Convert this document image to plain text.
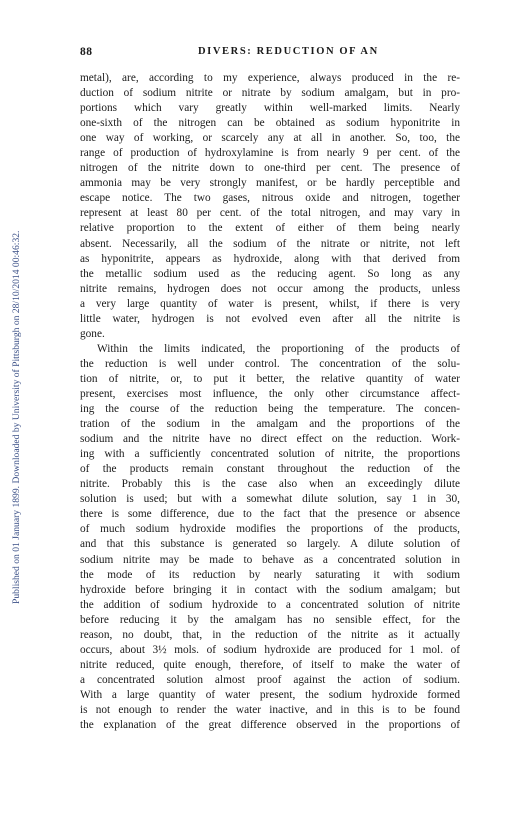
88	DIVERS: REDUCTION OF AN
Published on 01 January 1899. Downloaded by University of Pittsburgh on 28/10/2014 00:46:32.
metal), are, according to my experience, always produced in the re-
duction of sodium nitrite or nitrate by sodium amalgam, but in pro-
portions which vary greatly within well-marked limits. Nearly
one-sixth of the nitrogen can be obtained as sodium hyponitrite in
one way of working, or scarcely any at all in another. So, too, the
range of production of hydroxylamine is from nearly 9 per cent. of the
nitrogen of the nitrite down to one-third per cent. The presence of
ammonia may be very strongly manifest, or be hardly perceptible and
escape notice. The two gases, nitrous oxide and nitrogen, together
represent at least 80 per cent. of the total nitrogen, and may vary in
relative proportion to the extent of either of them being nearly
absent. Necessarily, all the sodium of the nitrate or nitrite, not left
as hyponitrite, appears as hydroxide, along with that derived from
the metallic sodium used as the reducing agent. So long as any
nitrite remains, hydrogen does not occur among the products, unless
a very large quantity of water is present, whilst, if there is very
little water, hydrogen is not evolved even after all the nitrite is
gone.
Within the limits indicated, the proportioning of the products of
the reduction is well under control. The concentration of the solu-
tion of nitrite, or, to put it better, the relative quantity of water
present, exercises most influence, the only other circumstance affect-
ing the course of the reduction being the temperature. The concen-
tration of the sodium in the amalgam and the proportions of the
sodium and the nitrite have no direct effect on the reduction. Work-
ing with a sufficiently concentrated solution of nitrite, the proportions
of the products remain constant throughout the reduction of the
nitrite. Probably this is the case also when an exceedingly dilute
solution is used; but with a somewhat dilute solution, say 1 in 30,
there is some difference, due to the fact that the presence or absence
of much sodium hydroxide modifies the proportions of the products,
and that this substance is generated so largely. A dilute solution of
sodium nitrite may be made to behave as a concentrated solution in
the mode of its reduction by nearly saturating it with sodium
hydroxide before bringing it in contact with the sodium amalgam; but
the addition of sodium hydroxide to a concentrated solution of nitrite
before reducing it by the amalgam has no sensible effect, for the
reason, no doubt, that, in the reduction of the nitrite as it actually
occurs, about 3½ mols. of sodium hydroxide are produced for 1 mol. of
nitrite reduced, quite enough, therefore, of itself to make the water of
a concentrated solution almost proof against the action of sodium.
With a large quantity of water present, the sodium hydroxide formed
is not enough to render the water inactive, and in this is to be found
the explanation of the great difference observed in the proportions of
